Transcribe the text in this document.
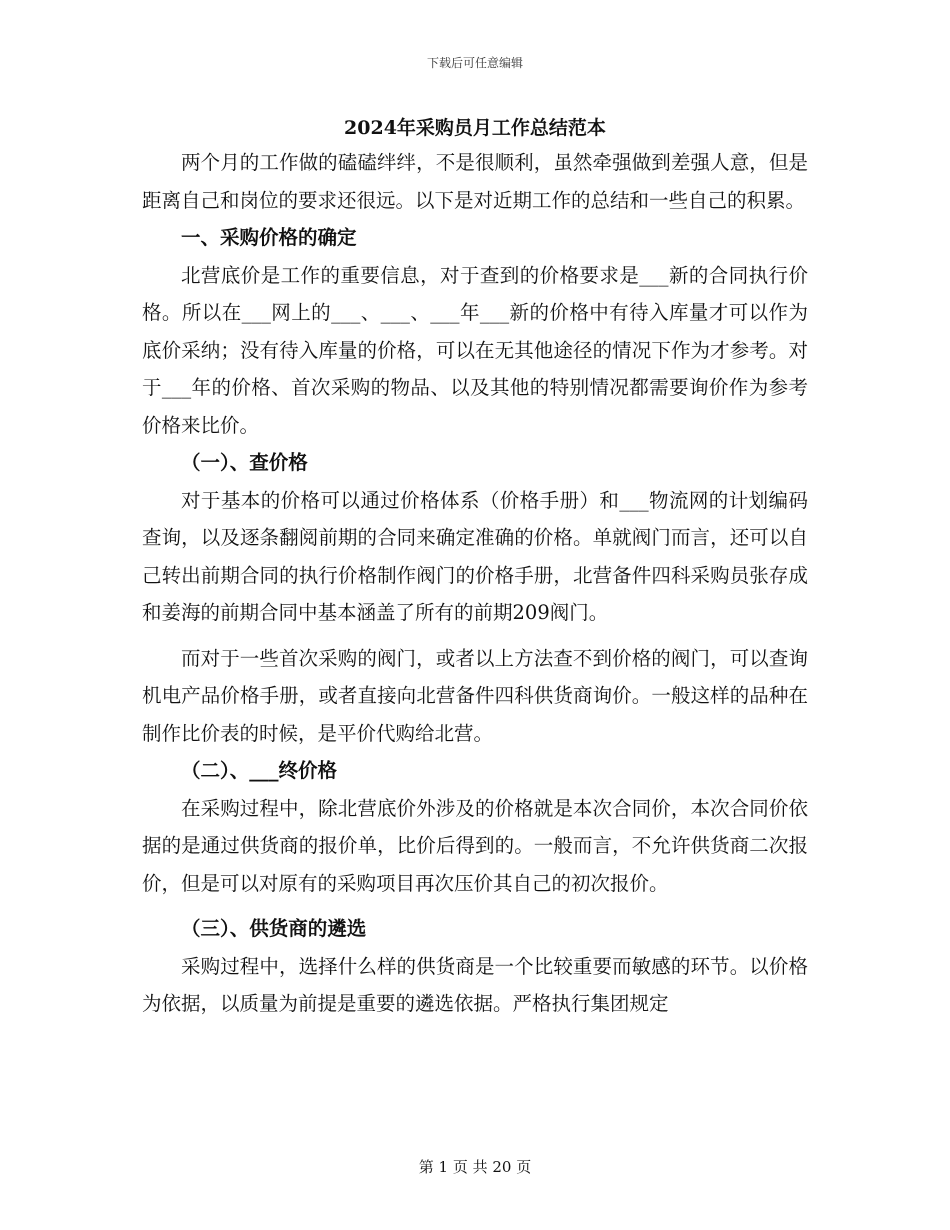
下载后可任意编辑
2024年采购员月工作总结范本

两个月的工作做的磕磕绊绊，不是很顺利，虽然牵强做到差强人意，但是距离自己和岗位的要求还很远。以下是对近期工作的总结和一些自己的积累。

一、采购价格的确定

北营底价是工作的重要信息，对于查到的价格要求是___新的合同执行价格。所以在___网上的___、___、___年___新的价格中有待入库量才可以作为底价采纳；没有待入库量的价格，可以在无其他途径的情况下作为才参考。对于___年的价格、首次采购的物品、以及其他的特别情况都需要询价作为参考价格来比价。

（一）、查价格

对于基本的价格可以通过价格体系（价格手册）和___物流网的计划编码查询，以及逐条翻阅前期的合同来确定准确的价格。单就阀门而言，还可以自己转出前期合同的执行价格制作阀门的价格手册，北营备件四科采购员张存成和姜海的前期合同中基本涵盖了所有的前期209阀门。

而对于一些首次采购的阀门，或者以上方法查不到价格的阀门，可以查询机电产品价格手册，或者直接向北营备件四科供货商询价。一般这样的品种在制作比价表的时候，是平价代购给北营。

（二）、___终价格

在采购过程中，除北营底价外涉及的价格就是本次合同价，本次合同价依据的是通过供货商的报价单，比价后得到的。一般而言，不允许供货商二次报价，但是可以对原有的采购项目再次压价其自己的初次报价。

（三）、供货商的遴选

采购过程中，选择什么样的供货商是一个比较重要而敏感的环节。以价格为依据，以质量为前提是重要的遴选依据。严格执行集团规定

第 1 页 共 20 页
